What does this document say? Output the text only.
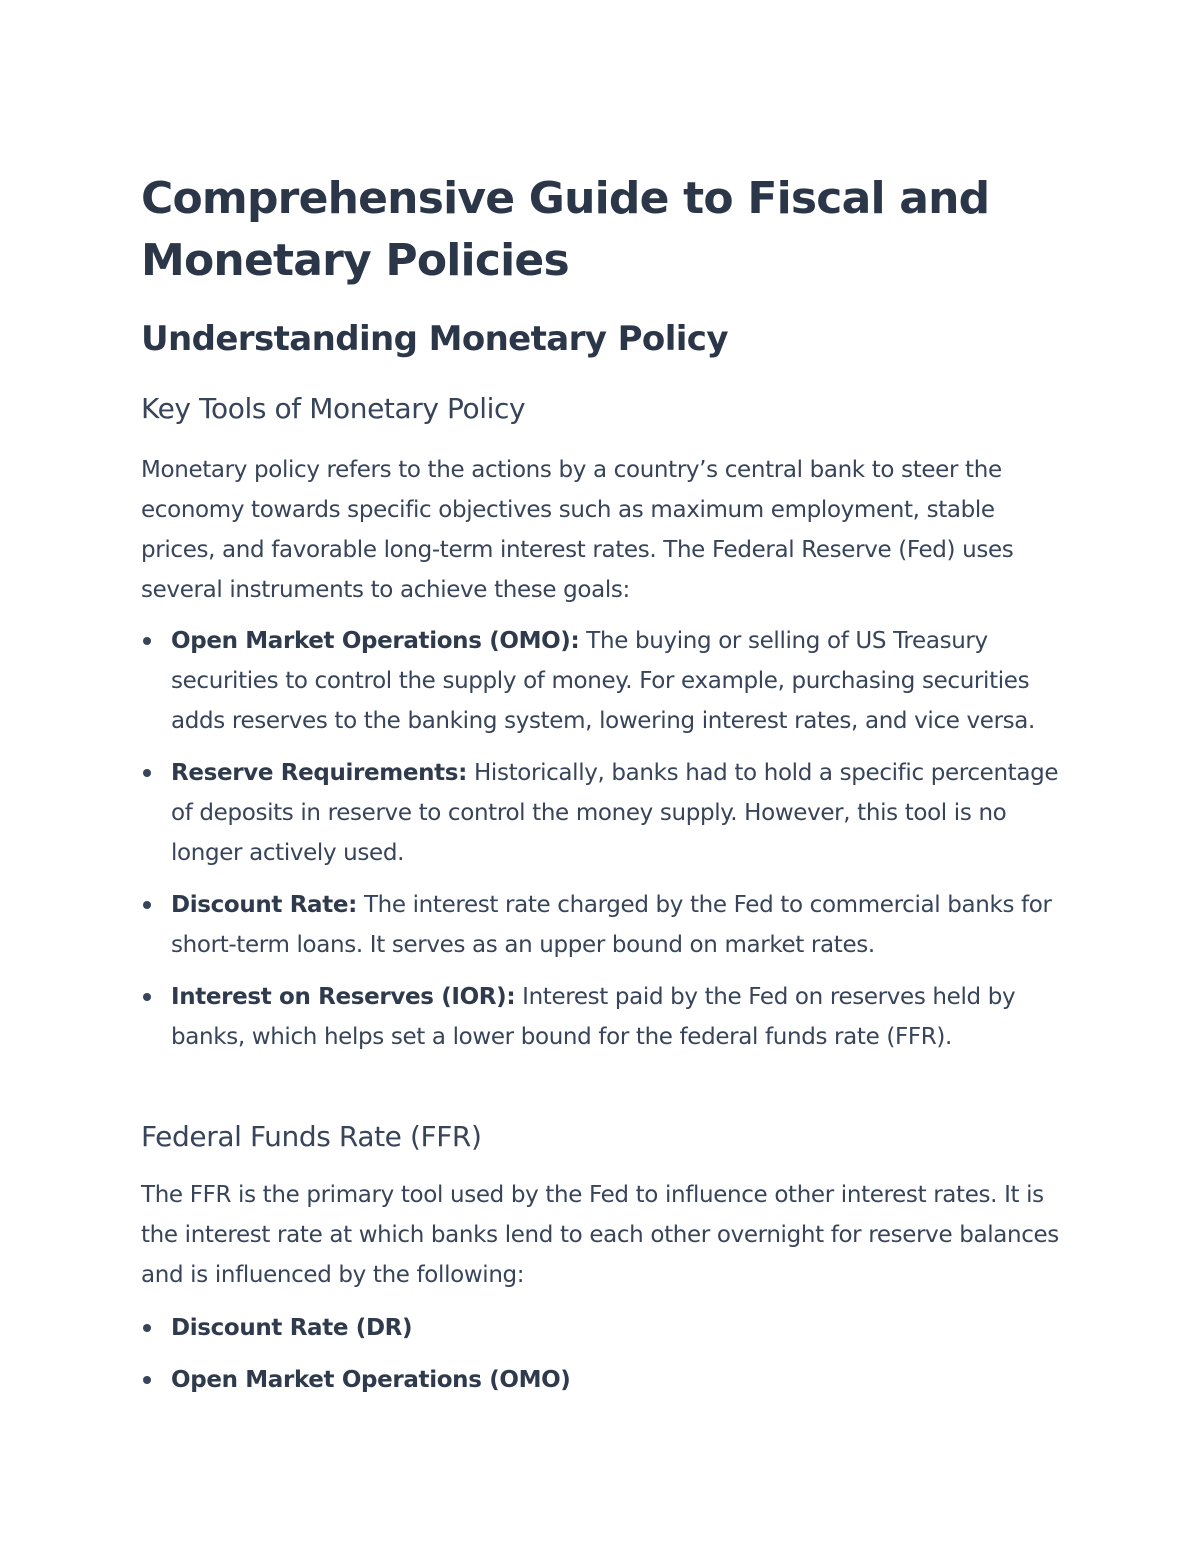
Comprehensive Guide to Fiscal and Monetary Policies
Understanding Monetary Policy
Key Tools of Monetary Policy

Monetary policy refers to the actions by a country’s central bank to steer the economy towards specific objectives such as maximum employment, stable prices, and favorable long-term interest rates. The Federal Reserve (Fed) uses several instruments to achieve these goals:

Open Market Operations (OMO): The buying or selling of US Treasury securities to control the supply of money. For example, purchasing securities adds reserves to the banking system, lowering interest rates, and vice versa.
Reserve Requirements: Historically, banks had to hold a specific percentage of deposits in reserve to control the money supply. However, this tool is no longer actively used.
Discount Rate: The interest rate charged by the Fed to commercial banks for short-term loans. It serves as an upper bound on market rates.
Interest on Reserves (IOR): Interest paid by the Fed on reserves held by banks, which helps set a lower bound for the federal funds rate (FFR).
Federal Funds Rate (FFR)

The FFR is the primary tool used by the Fed to influence other interest rates. It is the interest rate at which banks lend to each other overnight for reserve balances and is influenced by the following:

Discount Rate (DR)
Open Market Operations (OMO)
